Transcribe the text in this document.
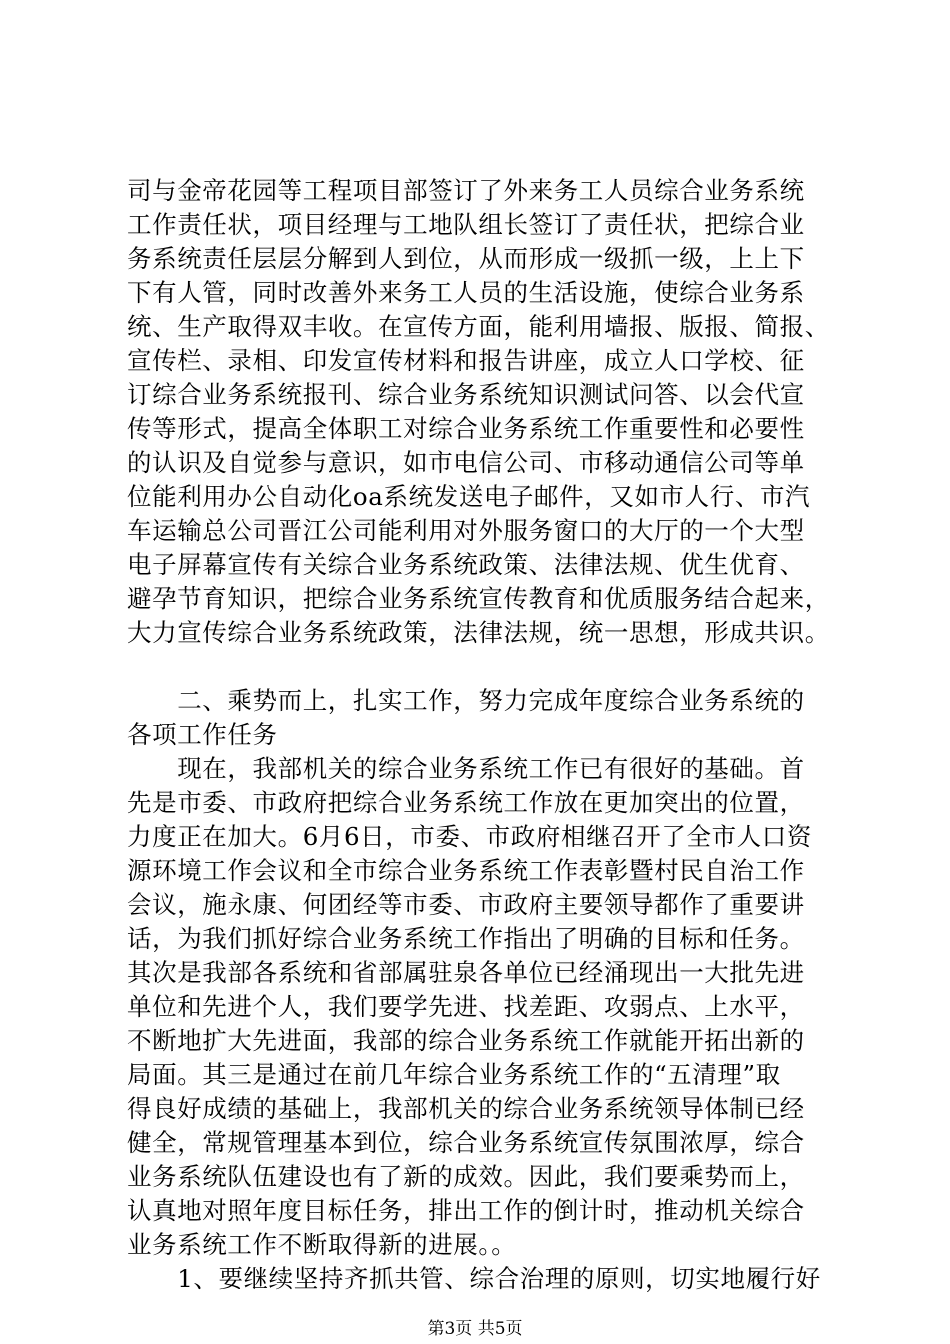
司与金帝花园等工程项目部签订了外来务工人员综合业务系统
工作责任状，项目经理与工地队组长签订了责任状，把综合业
务系统责任层层分解到人到位，从而形成一级抓一级，上上下
下有人管，同时改善外来务工人员的生活设施，使综合业务系
统、生产取得双丰收。在宣传方面，能利用墙报、版报、简报、
宣传栏、录相、印发宣传材料和报告讲座，成立人口学校、征
订综合业务系统报刊、综合业务系统知识测试问答、以会代宣
传等形式，提高全体职工对综合业务系统工作重要性和必要性
的认识及自觉参与意识，如市电信公司、市移动通信公司等单
位能利用办公自动化oa系统发送电子邮件，又如市人行、市汽
车运输总公司晋江公司能利用对外服务窗口的大厅的一个大型
电子屏幕宣传有关综合业务系统政策、法律法规、优生优育、
避孕节育知识，把综合业务系统宣传教育和优质服务结合起来，
大力宣传综合业务系统政策，法律法规，统一思想，形成共识。
　　二、乘势而上，扎实工作，努力完成年度综合业务系统的
各项工作任务
　　现在，我部机关的综合业务系统工作已有很好的基础。首
先是市委、市政府把综合业务系统工作放在更加突出的位置，
力度正在加大。6月6日，市委、市政府相继召开了全市人口资
源环境工作会议和全市综合业务系统工作表彰暨村民自治工作
会议，施永康、何团经等市委、市政府主要领导都作了重要讲
话，为我们抓好综合业务系统工作指出了明确的目标和任务。
其次是我部各系统和省部属驻泉各单位已经涌现出一大批先进
单位和先进个人，我们要学先进、找差距、攻弱点、上水平，
不断地扩大先进面，我部的综合业务系统工作就能开拓出新的
局面。其三是通过在前几年综合业务系统工作的“五清理”取
得良好成绩的基础上，我部机关的综合业务系统领导体制已经
健全，常规管理基本到位，综合业务系统宣传氛围浓厚，综合
业务系统队伍建设也有了新的成效。因此，我们要乘势而上，
认真地对照年度目标任务，排出工作的倒计时，推动机关综合
业务系统工作不断取得新的进展。。
　　1、要继续坚持齐抓共管、综合治理的原则，切实地履行好
第3页 共5页
